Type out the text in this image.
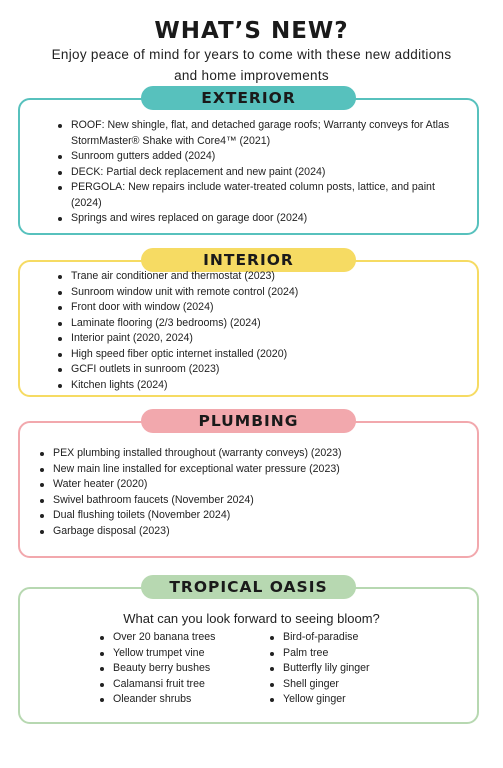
WHAT’S NEW?
Enjoy peace of mind for years to come with these new additions and home improvements
EXTERIOR
ROOF: New shingle, flat, and detached garage roofs; Warranty conveys for Atlas StormMaster® Shake with Core4™ (2021)
Sunroom gutters added (2024)
DECK: Partial deck replacement and new paint (2024)
PERGOLA: New repairs include water-treated column posts, lattice, and paint (2024)
Springs and wires replaced on garage door (2024)
INTERIOR
Trane air conditioner and thermostat (2023)
Sunroom window unit with remote control (2024)
Front door with window (2024)
Laminate flooring (2/3 bedrooms) (2024)
Interior paint (2020, 2024)
High speed fiber optic internet installed (2020)
GCFI outlets in sunroom (2023)
Kitchen lights (2024)
PLUMBING
PEX plumbing installed throughout (warranty conveys) (2023)
New main line installed for exceptional water pressure (2023)
Water heater (2020)
Swivel bathroom faucets (November 2024)
Dual flushing toilets (November 2024)
Garbage disposal (2023)
TROPICAL OASIS
What can you look forward to seeing bloom?
Over 20 banana trees
Yellow trumpet vine
Beauty berry bushes
Calamansi fruit tree
Oleander shrubs
Bird-of-paradise
Palm tree
Butterfly lily ginger
Shell ginger
Yellow ginger
